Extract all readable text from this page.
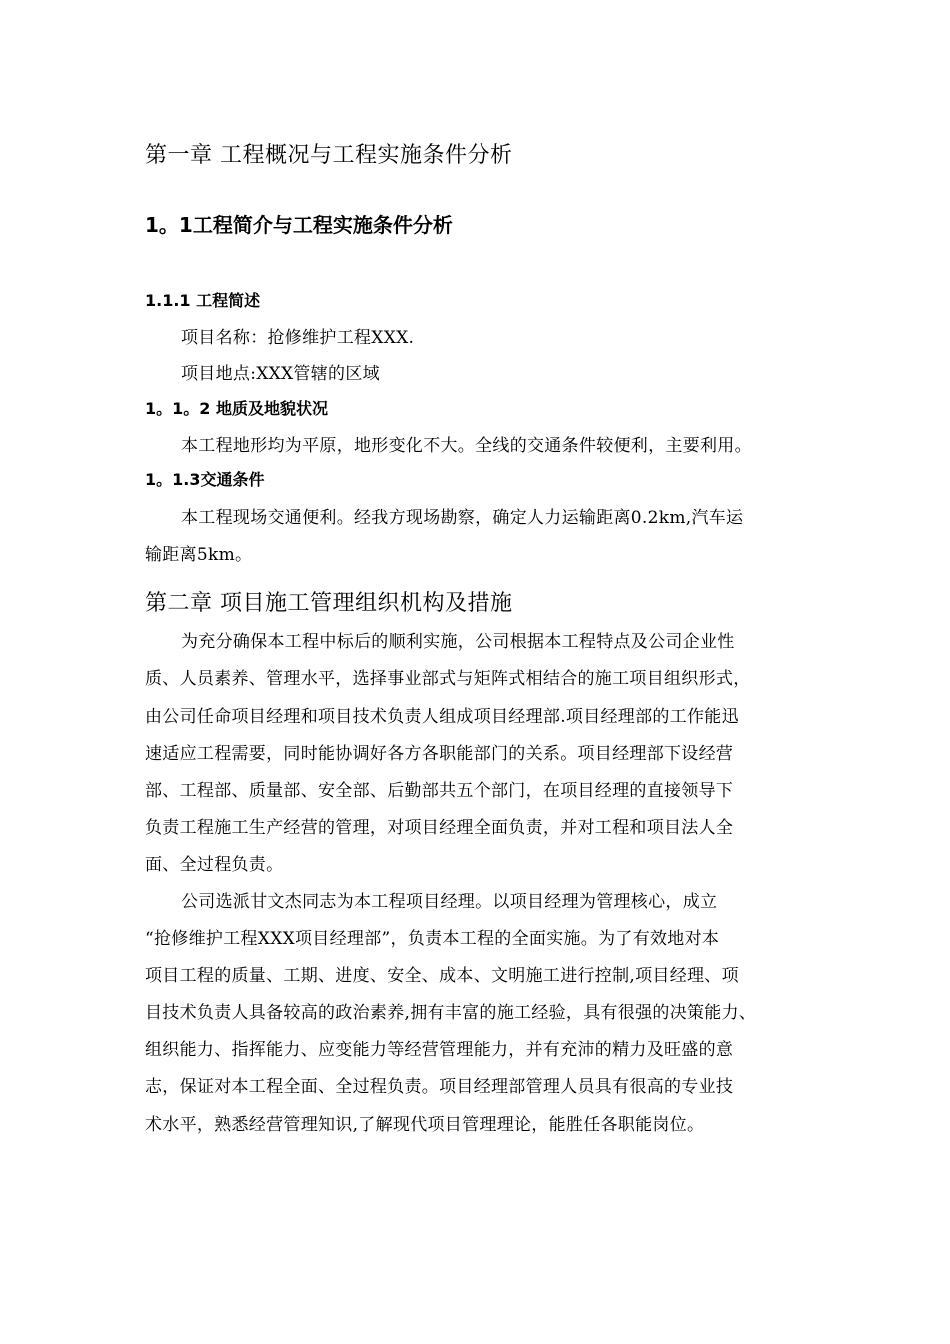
第一章 工程概况与工程实施条件分析
1。1工程简介与工程实施条件分析
1.1.1 工程简述
项目名称：抢修维护工程XXX.
项目地点:XXX管辖的区域
1。1。2 地质及地貌状况
本工程地形均为平原，地形变化不大。全线的交通条件较便利，主要利用。
1。1.3交通条件
本工程现场交通便利。经我方现场勘察，确定人力运输距离0.2km,汽车运
输距离5km。
第二章 项目施工管理组织机构及措施
为充分确保本工程中标后的顺利实施，公司根据本工程特点及公司企业性
质、人员素养、管理水平，选择事业部式与矩阵式相结合的施工项目组织形式，
由公司任命项目经理和项目技术负责人组成项目经理部.项目经理部的工作能迅
速适应工程需要，同时能协调好各方各职能部门的关系。项目经理部下设经营
部、工程部、质量部、安全部、后勤部共五个部门，在项目经理的直接领导下
负责工程施工生产经营的管理，对项目经理全面负责，并对工程和项目法人全
面、全过程负责。
公司选派甘文杰同志为本工程项目经理。以项目经理为管理核心，成立
“抢修维护工程XXX项目经理部”，负责本工程的全面实施。为了有效地对本
项目工程的质量、工期、进度、安全、成本、文明施工进行控制,项目经理、项
目技术负责人具备较高的政治素养,拥有丰富的施工经验，具有很强的决策能力、
组织能力、指挥能力、应变能力等经营管理能力，并有充沛的精力及旺盛的意
志，保证对本工程全面、全过程负责。项目经理部管理人员具有很高的专业技
术水平，熟悉经营管理知识,了解现代项目管理理论，能胜任各职能岗位。
